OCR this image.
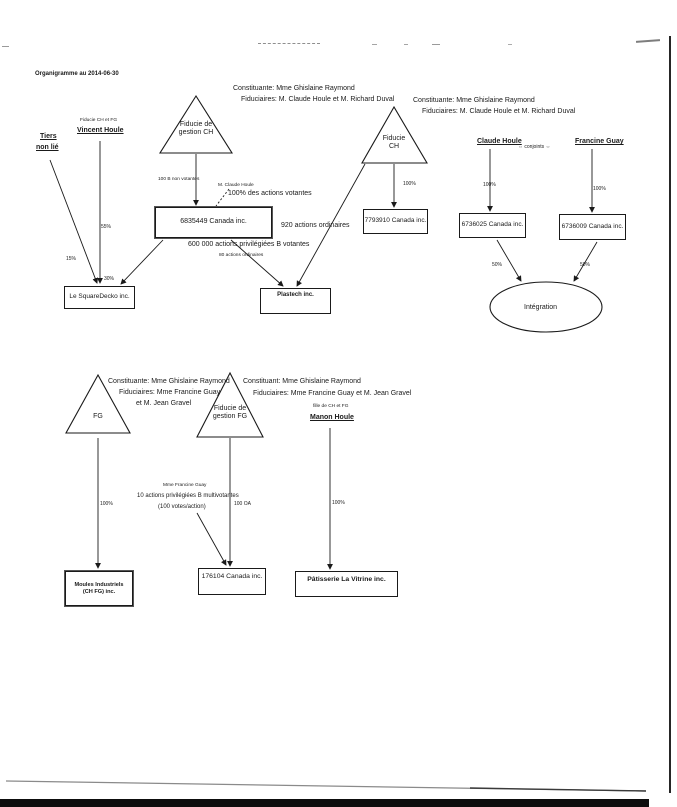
Organigramme au 2014-06-30
Tiers
non lié
Fiducie CH et FG
Vincent Houle
Fiducie de
gestion CH
Constituante: Mme Ghislaine Raymond
Fiduciaires: M. Claude Houle et M. Richard Duval
Fiducie
CH
Constituante: Mme Ghislaine Raymond
Fiduciaires: M. Claude Houle et M. Richard Duval
15%
55%
30%
100 B non votantes
M. Claude Houle
100% des actions votantes
600 000 actions privilégiées B votantes
80 actions ordinaires
920 actions ordinaires
100%
6835449 Canada inc.
Le SquareDecko inc.	Plastech inc.
7793910 Canada inc.
Claude Houle
⇔ conjoints ⇔
Francine Guay
100%
100%
6736025 Canada inc.	6736009 Canada inc.
50%	50%
Intégration
FG
Constituante: Mme Ghislaine Raymond
Fiduciaires: Mme Francine Guay
et M. Jean Gravel
Fiducie de
gestion FG
Constituant: Mme Ghislaine Raymond
Fiduciaires: Mme Francine Guay et M. Jean Gravel
fille de CH et FG
Manon Houle
100%	100 OA
Mme Francine Guay
10 actions privilégiées B multivotantes
(100 votes/action)
100%
Moules Industriels
(CH FG) inc.
176104 Canada inc.	Pâtisserie La Vitrine inc.
